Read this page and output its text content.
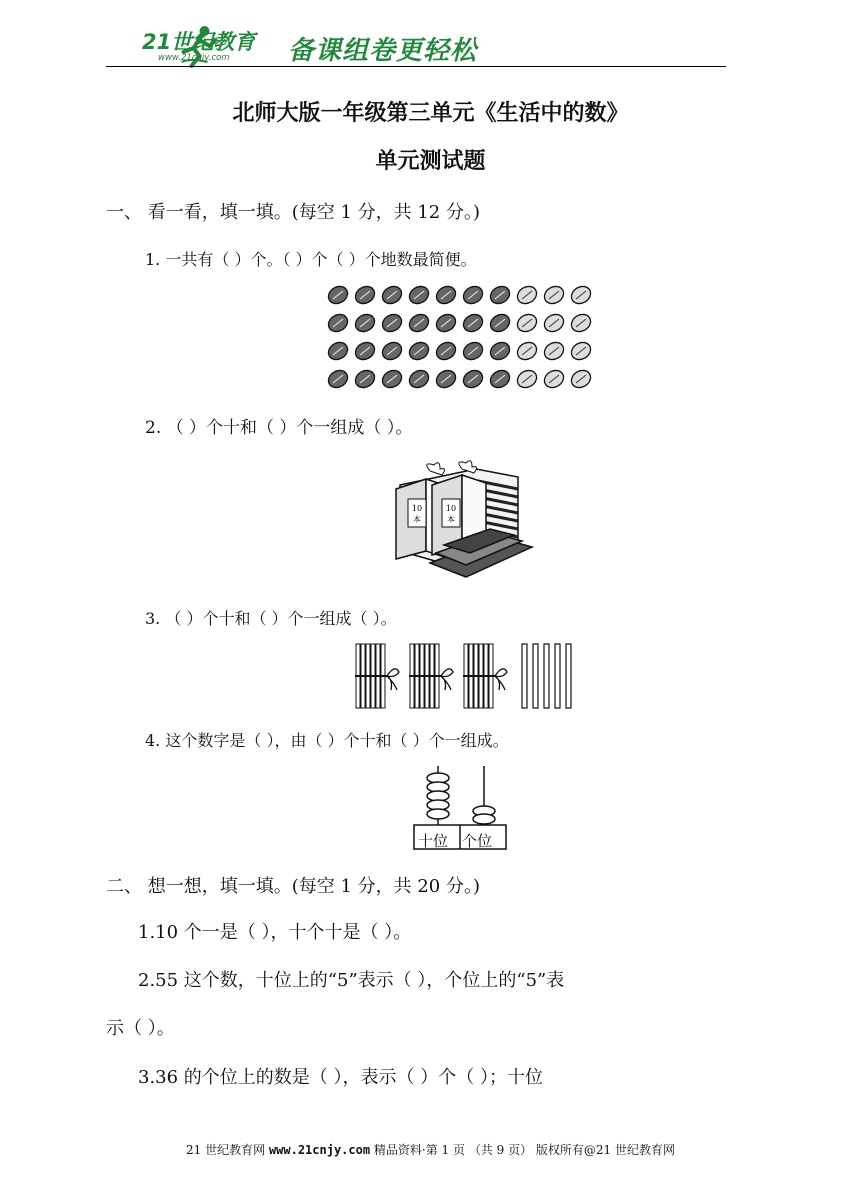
21世纪教育
www.21cnjy.com 备课组卷更轻松
北师大版一年级第三单元《生活中的数》
单元测试题
一、 看一看，填一填。(每空 1 分，共 12 分。)
1. 一共有（ ）个。（ ）个（ ）个地数最简便。
2. （ ）个十和（ ）个一组成（ ）。
10
本
10
本
3. （ ）个十和（ ）个一组成（ ）。
4. 这个数字是（ ），由（ ）个十和（ ）个一组成。
十位 个位
二、 想一想，填一填。(每空 1 分，共 20 分。)
1.10 个一是（ ），十个十是（ ）。
2.55 这个数，十位上的“5”表示（ ），个位上的“5”表
示（ ）。
3.36 的个位上的数是（ ），表示（ ）个（ ）；十位
21 世纪教育网 www.21cnjy.com 精品资料·第 1 页 （共 9 页） 版权所有@21 世纪教育网
